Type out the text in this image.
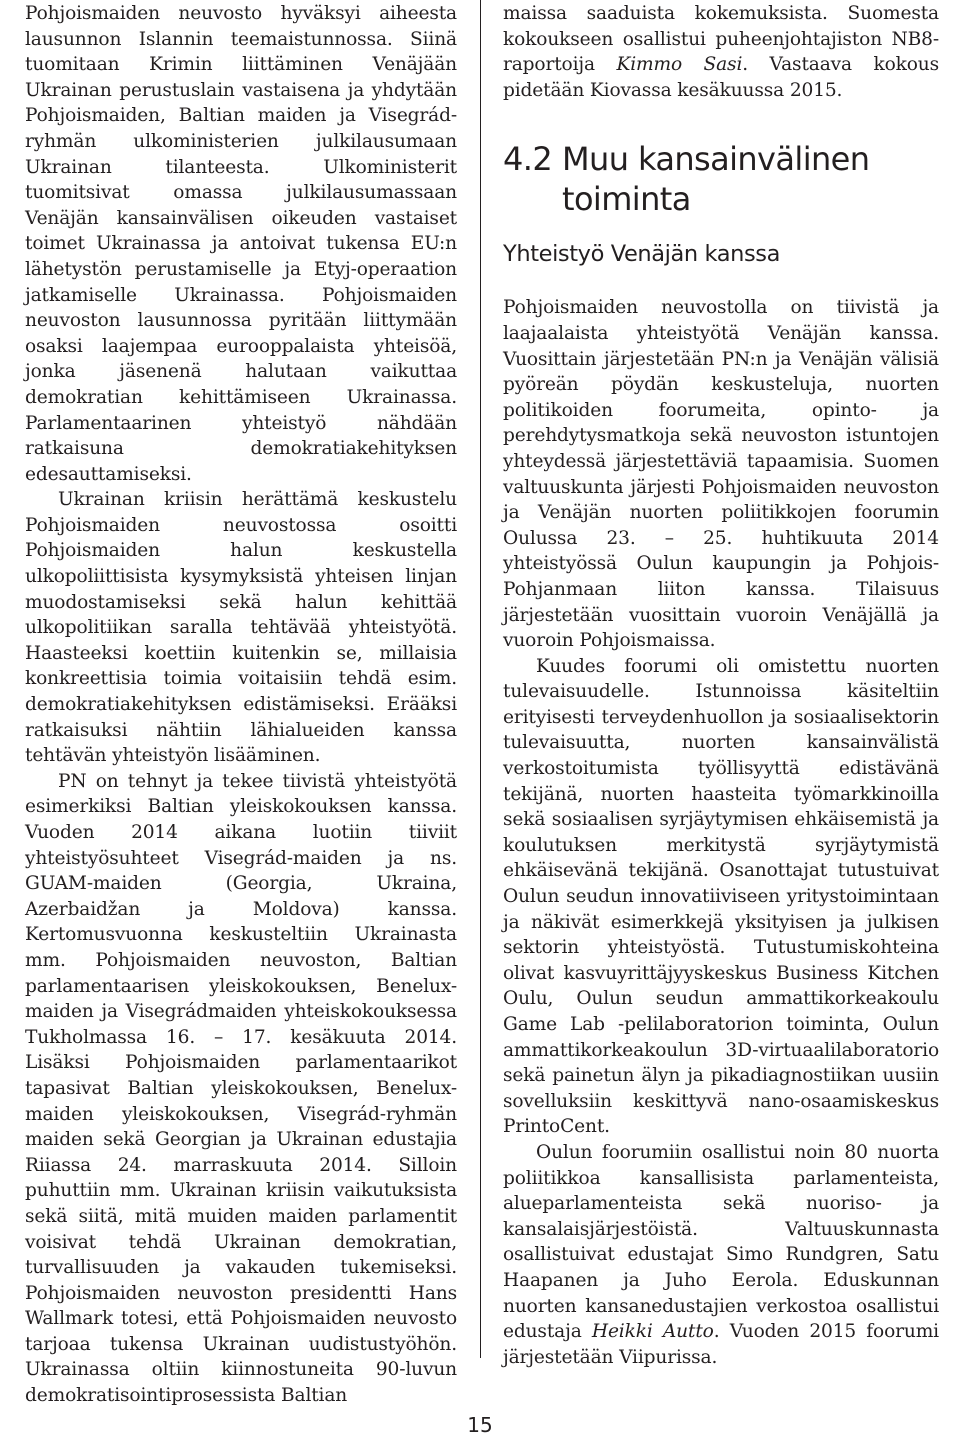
Pohjoismaiden neuvosto hyväksyi aiheesta lausunnon Islannin teemaistunnossa. Siinä tuomitaan Krimin liittäminen Venäjään Ukrainan perustuslain vastaisena ja yhdytään Pohjoismaiden, Baltian maiden ja Visegrád-ryhmän ulkoministerien julkilausumaan Ukrainan tilanteesta. Ulkoministerit tuomitsivat omassa julkilausumassaan Venäjän kansainvälisen oikeuden vastaiset toimet Ukrainassa ja antoivat tukensa EU:n lähetystön perustamiselle ja Etyj-operaation jatkamiselle Ukrainassa. Pohjoismaiden neuvoston lausunnossa pyritään liittymään osaksi laajempaa eurooppalaista yhteisöä, jonka jäsenenä halutaan vaikuttaa demokratian kehittämiseen Ukrainassa. Parlamentaarinen yhteistyö nähdään ratkaisuna demokratiakehityksen edesauttamiseksi.

Ukrainan kriisin herättämä keskustelu Pohjoismaiden neuvostossa osoitti Pohjoismaiden halun keskustella ulkopoliittisista kysymyksistä yhteisen linjan muodostamiseksi sekä halun kehittää ulkopolitiikan saralla tehtävää yhteistyötä. Haasteeksi koettiin kuitenkin se, millaisia konkreettisia toimia voitaisiin tehdä esim. demokratiakehityksen edistämiseksi. Erääksi ratkaisuksi nähtiin lähialueiden kanssa tehtävän yhteistyön lisääminen.

PN on tehnyt ja tekee tiivistä yhteistyötä esimerkiksi Baltian yleiskokouksen kanssa. Vuoden 2014 aikana luotiin tiiviit yhteistyösuhteet Visegrád-maiden ja ns. GUAM-maiden (Georgia, Ukraina, Azerbaidžan ja Moldova) kanssa. Kertomusvuonna keskusteltiin Ukrainasta mm. Pohjoismaiden neuvoston, Baltian parlamentaarisen yleiskokouksen, Benelux-maiden ja Visegrádmaiden yhteiskokouksessa Tukholmassa 16. – 17. kesäkuuta 2014. Lisäksi Pohjoismaiden parlamentaarikot tapasivat Baltian yleiskokouksen, Benelux-maiden yleiskokouksen, Visegrád-ryhmän maiden sekä Georgian ja Ukrainan edustajia Riiassa 24. marraskuuta 2014. Silloin puhuttiin mm. Ukrainan kriisin vaikutuksista sekä siitä, mitä muiden maiden parlamentit voisivat tehdä Ukrainan demokratian, turvallisuuden ja vakauden tukemiseksi. Pohjoismaiden neuvoston presidentti Hans Wallmark totesi, että Pohjoismaiden neuvosto tarjoaa tukensa Ukrainan uudistustyöhön. Ukrainassa oltiin kiinnostuneita 90-luvun demokratisointiprosessista Baltian

maissa saaduista kokemuksista. Suomesta kokoukseen osallistui puheenjohtajiston NB8-raportoija Kimmo Sasi. Vastaava kokous pidetään Kiovassa kesäkuussa 2015.

4.2 Muu kansainvälinen toiminta
Yhteistyö Venäjän kanssa

Pohjoismaiden neuvostolla on tiivistä ja laajaalaista yhteistyötä Venäjän kanssa. Vuosittain järjestetään PN:n ja Venäjän välisiä pyöreän pöydän keskusteluja, nuorten politikoiden foorumeita, opinto- ja perehdytysmatkoja sekä neuvoston istuntojen yhteydessä järjestettäviä tapaamisia. Suomen valtuuskunta järjesti Pohjoismaiden neuvoston ja Venäjän nuorten poliitikkojen foorumin Oulussa 23. – 25. huhtikuuta 2014 yhteistyössä Oulun kaupungin ja Pohjois-Pohjanmaan liiton kanssa. Tilaisuus järjestetään vuosittain vuoroin Venäjällä ja vuoroin Pohjoismaissa.

Kuudes foorumi oli omistettu nuorten tulevaisuudelle. Istunnoissa käsiteltiin erityisesti terveydenhuollon ja sosiaalisektorin tulevaisuutta, nuorten kansainvälistä verkostoitumista työllisyyttä edistävänä tekijänä, nuorten haasteita työmarkkinoilla sekä sosiaalisen syrjäytymisen ehkäisemistä ja koulutuksen merkitystä syrjäytymistä ehkäisevänä tekijänä. Osanottajat tutustuivat Oulun seudun innovatiiviseen yritystoimintaan ja näkivät esimerkkejä yksityisen ja julkisen sektorin yhteistyöstä. Tutustumiskohteina olivat kasvuyrittäjyyskeskus Business Kitchen Oulu, Oulun seudun ammattikorkeakoulu Game Lab -pelilaboratorion toiminta, Oulun ammattikorkeakoulun 3D-virtuaalilaboratorio sekä painetun älyn ja pikadiagnostiikan uusiin sovelluksiin keskittyvä nano-osaamiskeskus PrintoCent.

Oulun foorumiin osallistui noin 80 nuorta poliitikkoa kansallisista parlamenteista, alueparlamenteista sekä nuoriso- ja kansalaisjärjestöistä. Valtuuskunnasta osallistuivat edustajat Simo Rundgren, Satu Haapanen ja Juho Eerola. Eduskunnan nuorten kansanedustajien verkostoa osallistui edustaja Heikki Autto. Vuoden 2015 foorumi järjestetään Viipurissa.

15
